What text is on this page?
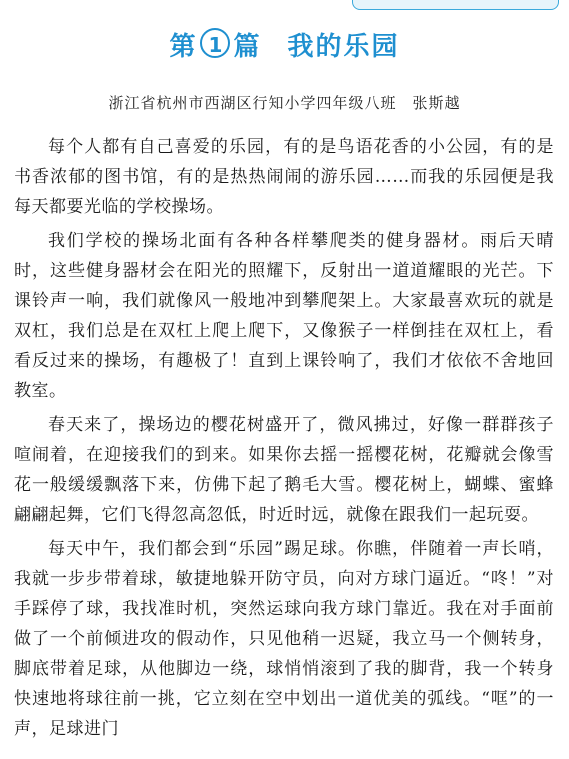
第 1 篇 我的乐园
浙江省杭州市西湖区行知小学四年级八班 张斯越

每个人都有自己喜爱的乐园，有的是鸟语花香的小公园，有的是书香浓郁的图书馆，有的是热热闹闹的游乐园……而我的乐园便是我每天都要光临的学校操场。

我们学校的操场北面有各种各样攀爬类的健身器材。雨后天晴时，这些健身器材会在阳光的照耀下，反射出一道道耀眼的光芒。下课铃声一响，我们就像风一般地冲到攀爬架上。大家最喜欢玩的就是双杠，我们总是在双杠上爬上爬下，又像猴子一样倒挂在双杠上，看看反过来的操场，有趣极了！直到上课铃响了，我们才依依不舍地回教室。

春天来了，操场边的樱花树盛开了，微风拂过，好像一群群孩子喧闹着，在迎接我们的到来。如果你去摇一摇樱花树，花瓣就会像雪花一般缓缓飘落下来，仿佛下起了鹅毛大雪。樱花树上，蝴蝶、蜜蜂翩翩起舞，它们飞得忽高忽低，时近时远，就像在跟我们一起玩耍。

每天中午，我们都会到“乐园”踢足球。你瞧，伴随着一声长哨，我就一步步带着球，敏捷地躲开防守员，向对方球门逼近。“咚！”对手踩停了球，我找准时机，突然运球向我方球门靠近。我在对手面前做了一个前倾进攻的假动作，只见他稍一迟疑，我立马一个侧转身，脚底带着足球，从他脚边一绕，球悄悄滚到了我的脚背，我一个转身快速地将球往前一挑，它立刻在空中划出一道优美的弧线。“哐”的一声，足球进门
